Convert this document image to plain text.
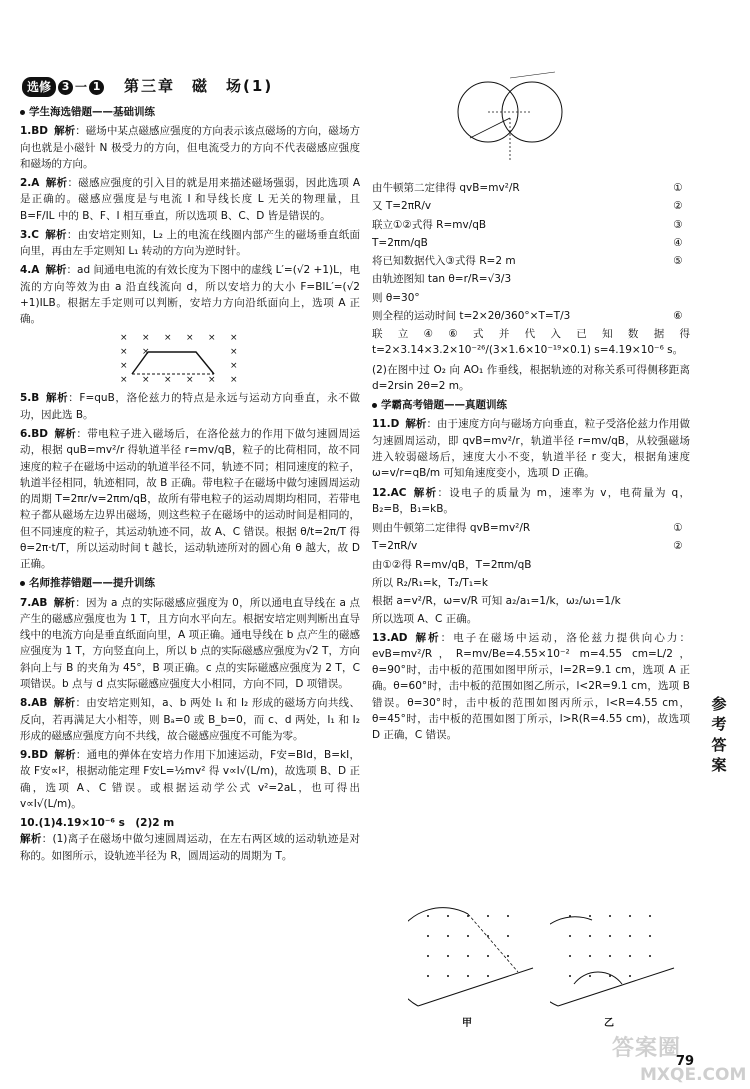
选修 3 一 1 第三章　磁　场(1)
学生海选错题——基础训练
1.BD 解析：磁场中某点磁感应强度的方向表示该点磁场的方向，磁场方向也就是小磁针 N 极受力的方向，但电流受力的方向不代表磁感应强度和磁场的方向。
2.A 解析：磁感应强度的引入目的就是用来描述磁场强弱，因此选项 A 是正确的。磁感应强度是与电流 I 和导线长度 L 无关的物理量，且 B=F/IL 中的 B、F、I 相互垂直，所以选项 B、C、D 皆是错误的。
3.C 解析：由安培定则知，L₂ 上的电流在线圈内部产生的磁场垂直纸面向里，再由左手定则知 L₁ 转动的方向为逆时针。
4.A 解析：ad 间通电电流的有效长度为下图中的虚线 L′=(√2 +1)L，电流的方向等效为由 a 沿直线流向 d，所以安培力的大小 F=BIL′=(√2 +1)ILB。根据左手定则可以判断，安培力方向沿纸面向上，选项 A 正确。
× × × × × ×
× ×	×
×	×
× × × × × ×
5.B 解析：F=quB，洛伦兹力的特点是永远与运动方向垂直，永不做功，因此选 B。
6.BD 解析：带电粒子进入磁场后，在洛伦兹力的作用下做匀速圆周运动，根据 quB=mv²/r 得轨道半径 r=mv/qB，粒子的比荷相同，故不同速度的粒子在磁场中运动的轨道半径不同，轨迹不同；相同速度的粒子，轨道半径相同，轨迹相同，故 B 正确。带电粒子在磁场中做匀速圆周运动的周期 T=2πr/v=2πm/qB，故所有带电粒子的运动周期均相同，若带电粒子都从磁场左边界出磁场，则这些粒子在磁场中的运动时间是相同的，但不同速度的粒子，其运动轨迹不同，故 A、C 错误。根据 θ/t=2π/T 得 θ=2π·t/T，所以运动时间 t 越长，运动轨迹所对的圆心角 θ 越大，故 D 正确。
名师推荐错题——提升训练
7.AB 解析：因为 a 点的实际磁感应强度为 0，所以通电直导线在 a 点产生的磁感应强度也为 1 T，且方向水平向左。根据安培定则判断出直导线中的电流方向是垂直纸面向里，A 项正确。通电导线在 b 点产生的磁感应强度为 1 T，方向竖直向上，所以 b 点的实际磁感应强度为√2 T，方向斜向上与 B 的夹角为 45°，B 项正确。c 点的实际磁感应强度为 2 T，C 项错误。b 点与 d 点实际磁感应强度大小相同，方向不同，D 项错误。
8.AB 解析：由安培定则知，a、b 两处 I₁ 和 I₂ 形成的磁场方向共线、反向，若再满足大小相等，则 Bₐ=0 或 B_b=0，而 c、d 两处，I₁ 和 I₂ 形成的磁感应强度方向不共线，故合磁感应强度不可能为零。
9.BD 解析：通电的弹体在安培力作用下加速运动，F安=BId，B=kI，故 F安∝I²，根据动能定理 F安L=½mv² 得 v∝I√(L/m)，故选项 B、D 正确，选项 A、C 错误。或根据运动学公式 v²=2aL，也可得出 v∝I√(L/m)。
10.(1)4.19×10⁻⁶ s　(2)2 m
解析：(1)离子在磁场中做匀速圆周运动，在左右两区域的运动轨迹是对称的。如图所示，设轨迹半径为 R，圆周运动的周期为 T。
由牛顿第二定律得 qvB=mv²/R	①
又 T=2πR/v	②
联立①②式得 R=mv/qB	③
T=2πm/qB	④
将已知数据代入③式得 R=2 m	⑤
由轨迹图知 tan θ=r/R=√3/3
则 θ=30°
则全程的运动时间 t=2×2θ/360°×T=T/3	⑥
联立④⑥式并代入已知数据得 t=2×3.14×3.2×10⁻²⁶/(3×1.6×10⁻¹⁹×0.1) s=4.19×10⁻⁶ s。
(2)在图中过 O₂ 向 AO₁ 作垂线，根据轨迹的对称关系可得侧移距离 d=2rsin 2θ=2 m。
学霸高考错题——真题训练
11.D 解析：由于速度方向与磁场方向垂直，粒子受洛伦兹力作用做匀速圆周运动，即 qvB=mv²/r，轨道半径 r=mv/qB，从较强磁场进入较弱磁场后，速度大小不变，轨道半径 r 变大，根据角速度 ω=v/r=qB/m 可知角速度变小，选项 D 正确。
12.AC 解析：设电子的质量为 m，速率为 v，电荷量为 q，B₂=B，B₁=kB。
则由牛顿第二定律得 qvB=mv²/R	①
T=2πR/v	②
由①②得 R=mv/qB，T=2πm/qB
所以 R₂/R₁=k，T₂/T₁=k
根据 a=v²/R，ω=v/R 可知 a₂/a₁=1/k，ω₂/ω₁=1/k
所以选项 A、C 正确。
13.AD 解析：电子在磁场中运动，洛伦兹力提供向心力：evB=mv²/R，R=mv/Be=4.55×10⁻² m=4.55 cm=L/2，θ=90°时，击中板的范围如图甲所示，l=2R=9.1 cm，选项 A 正确。θ=60°时，击中板的范围如图乙所示，l<2R=9.1 cm，选项 B 错误。θ=30°时，击中板的范围如图丙所示，l<R=4.55 cm，θ=45°时，击中板的范围如图丁所示，l>R(R=4.55 cm)，故选项 D 正确，C 错误。
甲	乙
参考答案
答案圈
MXQE.COM
79
